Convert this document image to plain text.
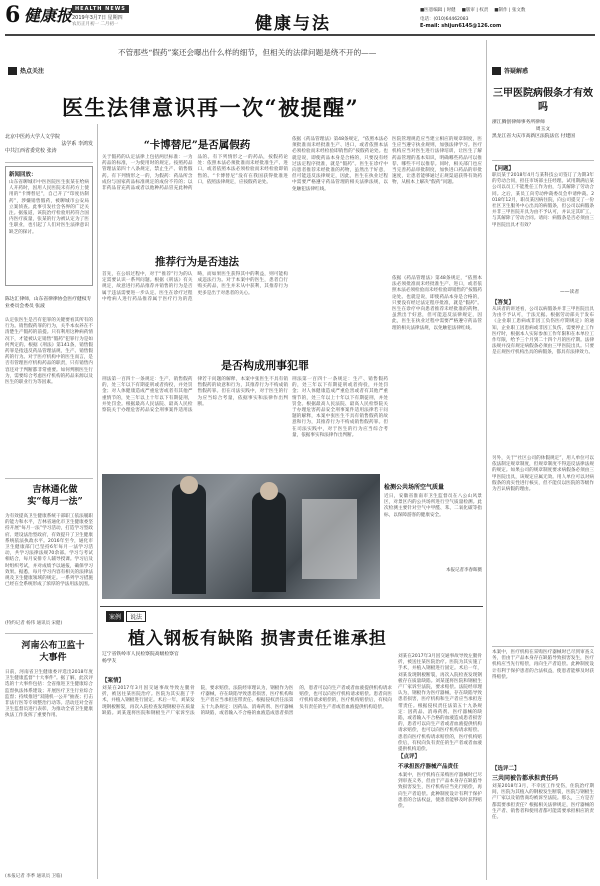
6 健康报 HEALTH NEWS
2019年3月7日 星期四
农历正月初一 二月初一	健康与法
■医患编辑 | 时健 ■版审 | 权责 ■制作 | 张文数
电话：(010)64462083
E-mail: shijun6145@126.com
热点关注
不管那些“假药”案还会曝出什么样的细节，但相关的法律问题是绕不开的——
医生法律意识再一次“被提醒”
北京中医药大学人文学院
法学系 李鸿发
中共江西省委党校 张涛
新闻回放：
山东省聊城市中医医院医生张某在给病人开药时，因用人民医院未有药方上使用的“卡博替尼”，自己开了“印度仿制药”，涉嫌销售假药，被聊城市公安局立案侦查。此事引发社会各界的广泛关注。据报道，该院治疗检验用药符合国内医疗质量，张某的行为被认定为了医生职业，也引起了人们对医生法律意识缺乏的探讨。
陈达汇律师，山东省律律协会医疗健权专业委员会委员 张波
认定张医生是否有犯罪的关键要看其所有的行为。销售假药罪的行为，关乎本农养在不清楚生产假药的前提。只有利用这种病药情况下，才能被认定销售“假药”犯罪行为是如何判定的。根据《刑法》第141条，销售假药罪是指违反药品管理法规，生产、销售假药的行为。对于医疗机构中的医生而言，是否有管理医疗机构药品的职责，只有销售内容还对于判断都非常重要。如何判断医生行为，需要综合考虑医疗机构的药品来源以及医生的职业行为等因素。
吉林通化做实“每月一法”
为有效提高卫生健康系统干部职工依法履职的能力和水平，吉林省通化市卫生健康委坚持开展“每月一法”学习活动，打造学习型政府、建设法治型政府，有效提升了卫生健康系统依法执政水平。2016年至今，通化市卫生健康部门已坚持6年每月一法学习活动，共学习法律法规70余部。学习与考试相结合，每月安排专人辅导授课。学习后及时组织考试，并对成绩予以通报，确保学习效果。据悉，每月学习内容有相关的法律法规及卫生健康领域的规定。一系列学习措施已经在全系统形成了浓厚的学法用法氛围。
(特约记者 杨伟 通讯员 宋健)
河南公布卫监十大事件
日前，河南省卫生健康委评选出2018年度卫生健康监督“十大事件”。据了解，此次评选的十大事件包括：全省推进卫生健康综合监督执法体系建设；开展医疗卫生行业综合监督；持续推进“双随机一公开”抽查；打击非法行医等专项整治行动等。活动还对全省卫生监督员进行表彰，为推动全省卫生健康执法工作发挥了重要作用。
(本报记者 李季 通讯员 卫临)
“卡博替尼”是否属假药
关于假药的认定法律上包括两层标准：一为药品的标准，一为使用时的规定。按照药品管理法第四十八条规定，禁止生产、销售假药。有下列情形之一的，为假药：药品所含成份与国家药品标准规定的成份不符的；以非药品冒充药品或者以他种药品冒充此种药品的。有下列情形之一的药品，按假药论处：依照本法必须批准而未经批准生产、进口，或者依照本法必须检验而未经检验即销售的。“卡博替尼”没有在我国获得批准进口，依照法律规定，应按假药论处。
推荐行为是否违法
首先，在公诉过程中，对于“推荐”行为的认定需要认识一系列问题。根据《刑法》有关规定，故意进行药品推荐并销售的行为是否属于违法需要进一步认定。医生在诊疗过程中给病人进行药品推荐属于医疗行为的范畴，而如果医生获得其中的利益，则可能构成违法行为。对于本案中的医生，患者自行购买药品，医生并未从中获利，其推荐行为更多是出于对患者的关心。
是否构成刑事犯罪
刑法第一百四十一条规定：生产、销售假药的，处三年以下有期徒刑或者拘役，并处罚金；对人体健康造成严重危害或者有其他严重情节的，处三年以上十年以下有期徒刑，并处罚金。根据最高人民法院、最高人民检察院关于办理危害药品安全刑事案件适用法律若干问题的解释，本案中张医生不具有销售假药的故意和行为，其推荐行为不构成销售假药罪。但在司法实践中，对于医生的行为应当综合考量，依据事实和法律作出判断。
依据《药品管理法》第48条规定，“依照本法必须批准而未经批准生产、进口，或者依照本法必须检验而未经检验即销售的”按假药论处。也就是说，即使药品本身是合格的，只要没有经过法定程序批准，就是“假药”。医生在诊疗中向患者推荐未经批准的药物，虽然出于好意，但可能违反法律规定，因此，医生在执业过程中需要严格遵守药品管理的相关法律法规，以免触犯法律红线。
刑法第一百四十一条规定：生产、销售假药的，处三年以下有期徒刑或者拘役，并处罚金；对人体健康造成严重危害或者有其他严重情节的，处三年以上十年以下有期徒刑，并处罚金。根据最高人民法院、最高人民检察院关于办理危害药品安全刑事案件适用法律若干问题的解释，本案中张医生不具有销售假药的故意和行为，其推荐行为不构成销售假药罪。但在司法实践中，对于医生的行为应当综合考量，依据事实和法律作出判断。
医院管理规范应当建立相应的规章制度，医生应当遵守执业规则，加强法律学习。医疗机构应当对医生进行法律培训，让医生了解药品管理的基本知识，明确哪些药品可以推荐、哪些不可以推荐。同时，相关部门也应当完善药品审批制度，加快进口药品的审批速度，让患者能够通过正规渠道获得有效药物，从根本上解决“假药”问题。
依据《药品管理法》第48条规定，“依照本法必须批准而未经批准生产、进口，或者依照本法必须检验而未经检验即销售的”按假药论处。也就是说，即使药品本身是合格的，只要没有经过法定程序批准，就是“假药”。医生在诊疗中向患者推荐未经批准的药物，虽然出于好意，但可能违反法律规定，因此，医生在执业过程中需要严格遵守药品管理的相关法律法规，以免触犯法律红线。
检测公共场所空气质量
近日，安徽省淮南市卫生监督员在八公山风景区，对景区内的公共场所进行空气质量检测。此次检测主要针对空气中甲醛、苯、二氧化碳等指标，以保障游客的健康安全。
本报记者李春晖摄
答疑解惑
三甲医院病假条才有效吗
浙江腾创律师事务所律师
周玉文
黑龙江省大庆市高新区法院法官 付建国
【问题】
职员某于2018年4月与某科技公司签订了为期3年的劳动合同，担任市场部主任经理。试用期满后某公司以员工不能胜任工作为由，与其解除了劳动合同。之后，某员工向劳动仲裁委员会申请仲裁。2018年12月，职员某因病住院，向公司提交了一份社区卫生服务中心出具的病假条，但公司以病假条并非三甲医院开具为由不予认可，并认定其旷工，与其解除了劳动合同。请问：病假条是否必须由三甲医院出具才有效？
——读者
【答复】
从该者的讲述看，公司以病假条并非三甲医院出具为由不予认可，于法无据。根据劳动部关于发布《企业职工患病或非因工负伤医疗期规定》的通知，企业职工因患病或非因工负伤，需要停止工作医疗时，根据本人实际参加工作年限和在本单位工作年限，给予三个月到二十四个月的医疗期。法律法规并没有规定病假条必须由三甲医院出具。只要是正规医疗机构出具的病假条，都具有法律效力。
另外，关于“社区公司的休假规定”，用人单位可以依法制定规章制度，但规章制度不得违反法律法规的规定。如果公司的规章制度要求病假条必须由三甲医院出具，该规定应属无效。用人单位可以对病假条的真实性进行核实，但不能仅以医院的等级作为否认病假的理由。
本案中，医疗机构在采购医疗器械时已尽到审查义务，但由于产品本身存在缺陷导致损害发生，医疗机构应当先行赔偿，再向生产者追偿。此种制度设计有利于保护患者的合法权益，使患者能够及时获得赔偿。
【选评二】
三共同被告都承担责任吗
刘某2018年3月，不幸因工作受伤，住院治疗期间，医院为其植入的钢板发生断裂，医院与钢板生产厂家以及销售商均被诉至法院。那么，三方是否都需要承担责任？根据相关法律规定，医疗器械的生产者、销售者和使用者都可能需要承担相应的责任。
案例	说法
植入钢板有缺陷 损害责任谁承担
辽宁省铁岭市人民检察院高级检察官 杨学友
【案情】
刘某在2017年3月因交通事故导致左腿骨折，被送往某医院治疗。医院为其实施了手术，并植入钢板进行固定。术后一年，刘某发现钢板断裂，再次入院检查发现钢板存在质量缺陷。刘某遂将医院和钢板生产厂家诉至法院，要求赔偿。法院经审理认为，钢板作为医疗器械，存在缺陷导致患者损害，医疗机构和生产者应当承担连带责任。根据侵权责任法第五十九条规定：因药品、消毒药剂、医疗器械的缺陷，或者输入不合格的血液造成患者损害的，患者可以向生产者或者血液提供机构请求赔偿，也可以向医疗机构请求赔偿。患者向医疗机构请求赔偿的，医疗机构赔偿后，有权向负有责任的生产者或者血液提供机构追偿。
【点评】
不承担医疗器械产品责任
本案中，医疗机构在采购医疗器械时已尽到审查义务，但由于产品本身存在缺陷导致损害发生，医疗机构应当先行赔偿，再向生产者追偿。此种制度设计有利于保护患者的合法权益，使患者能够及时获得赔偿。
刘某在2017年3月因交通事故导致左腿骨折，被送往某医院治疗。医院为其实施了手术，并植入钢板进行固定。术后一年，刘某发现钢板断裂，再次入院检查发现钢板存在质量缺陷。刘某遂将医院和钢板生产厂家诉至法院，要求赔偿。法院经审理认为，钢板作为医疗器械，存在缺陷导致患者损害，医疗机构和生产者应当承担连带责任。根据侵权责任法第五十九条规定：因药品、消毒药剂、医疗器械的缺陷，或者输入不合格的血液造成患者损害的，患者可以向生产者或者血液提供机构请求赔偿，也可以向医疗机构请求赔偿。患者向医疗机构请求赔偿的，医疗机构赔偿后，有权向负有责任的生产者或者血液提供机构追偿。
